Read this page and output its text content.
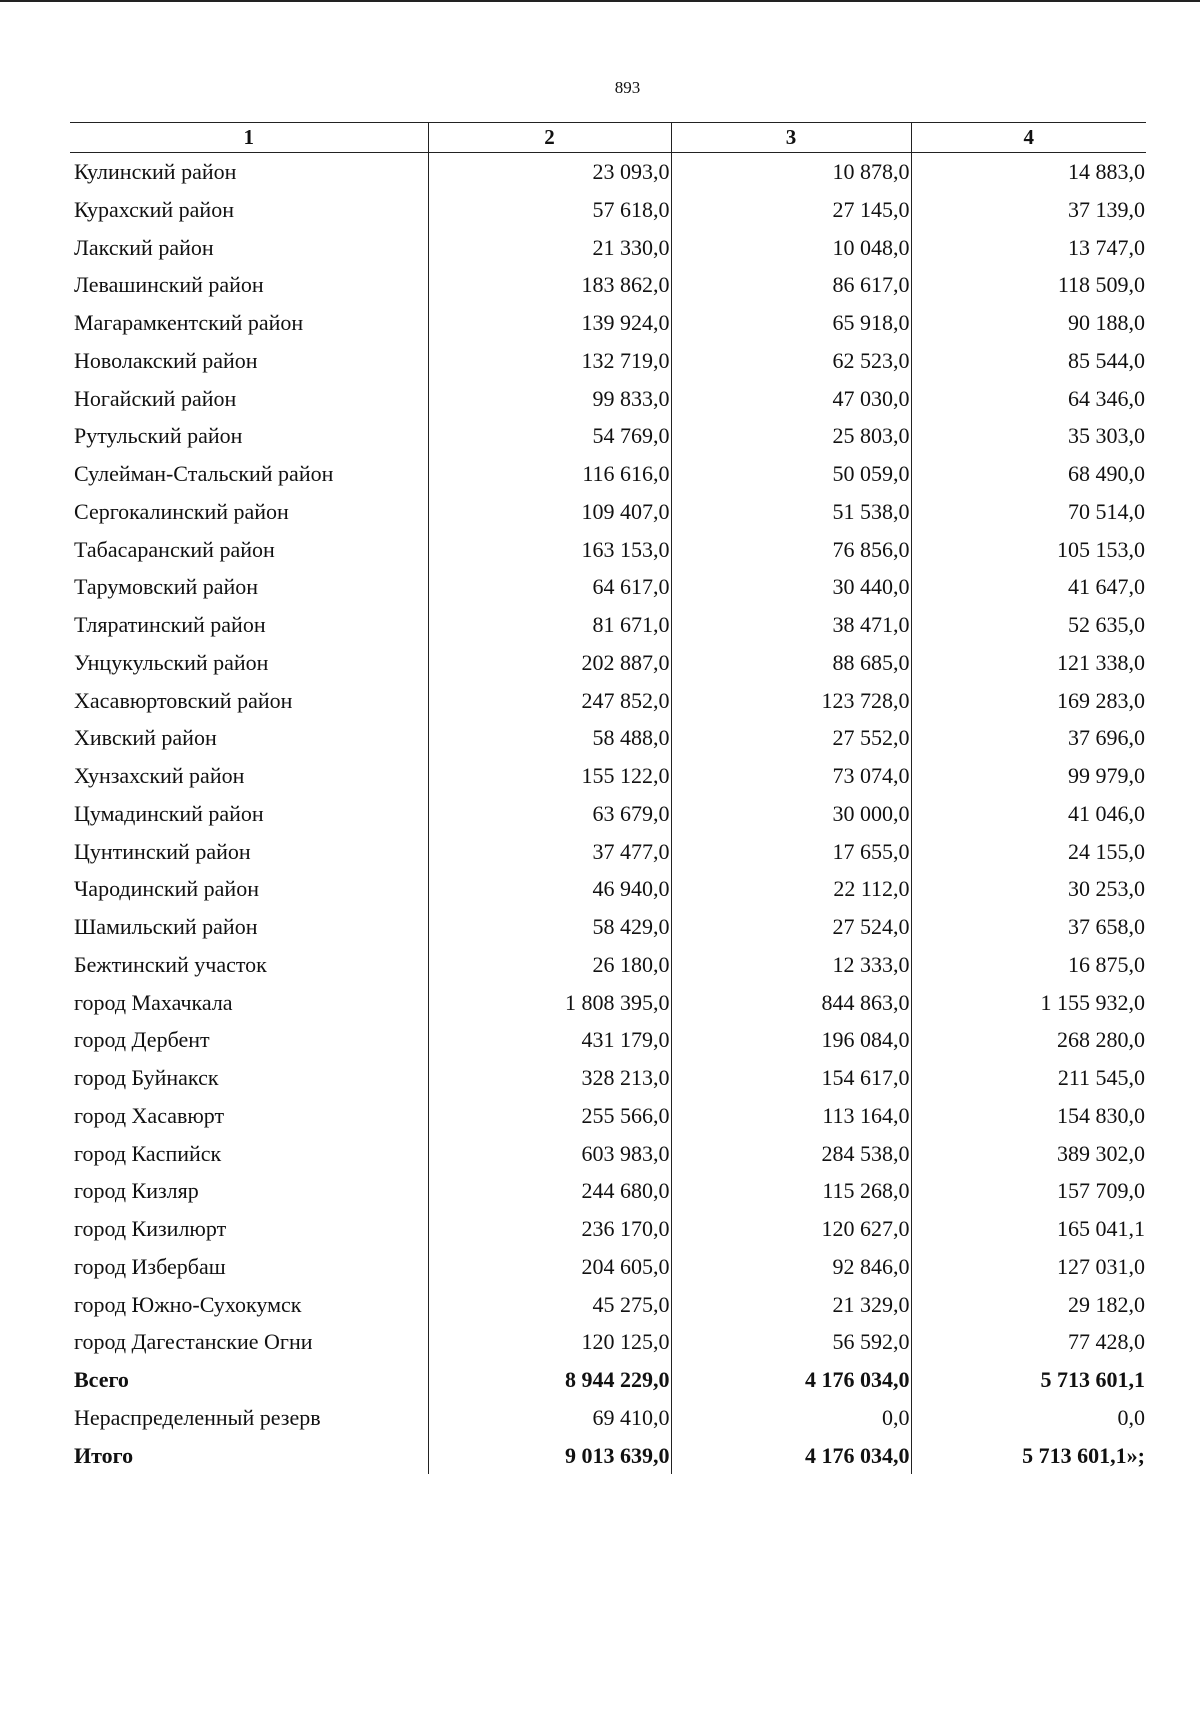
893
1	2	3	4
Кулинский район	23 093,0	10 878,0	14 883,0
Курахский район	57 618,0	27 145,0	37 139,0
Лакский район	21 330,0	10 048,0	13 747,0
Левашинский район	183 862,0	86 617,0	118 509,0
Магарамкентский район	139 924,0	65 918,0	90 188,0
Новолакский район	132 719,0	62 523,0	85 544,0
Ногайский район	99 833,0	47 030,0	64 346,0
Рутульский район	54 769,0	25 803,0	35 303,0
Сулейман-Стальский район	116 616,0	50 059,0	68 490,0
Сергокалинский район	109 407,0	51 538,0	70 514,0
Табасаранский район	163 153,0	76 856,0	105 153,0
Тарумовский район	64 617,0	30 440,0	41 647,0
Тляратинский район	81 671,0	38 471,0	52 635,0
Унцукульский район	202 887,0	88 685,0	121 338,0
Хасавюртовский район	247 852,0	123 728,0	169 283,0
Хивский район	58 488,0	27 552,0	37 696,0
Хунзахский район	155 122,0	73 074,0	99 979,0
Цумадинский район	63 679,0	30 000,0	41 046,0
Цунтинский район	37 477,0	17 655,0	24 155,0
Чародинский район	46 940,0	22 112,0	30 253,0
Шамильский район	58 429,0	27 524,0	37 658,0
Бежтинский участок	26 180,0	12 333,0	16 875,0
город Махачкала	1 808 395,0	844 863,0	1 155 932,0
город Дербент	431 179,0	196 084,0	268 280,0
город Буйнакск	328 213,0	154 617,0	211 545,0
город Хасавюрт	255 566,0	113 164,0	154 830,0
город Каспийск	603 983,0	284 538,0	389 302,0
город Кизляр	244 680,0	115 268,0	157 709,0
город Кизилюрт	236 170,0	120 627,0	165 041,1
город Избербаш	204 605,0	92 846,0	127 031,0
город Южно-Сухокумск	45 275,0	21 329,0	29 182,0
город Дагестанские Огни	120 125,0	56 592,0	77 428,0
Всего	8 944 229,0	4 176 034,0	5 713 601,1
Нераспределенный резерв	69 410,0	0,0	0,0
Итого	9 013 639,0	4 176 034,0	5 713 601,1»;
